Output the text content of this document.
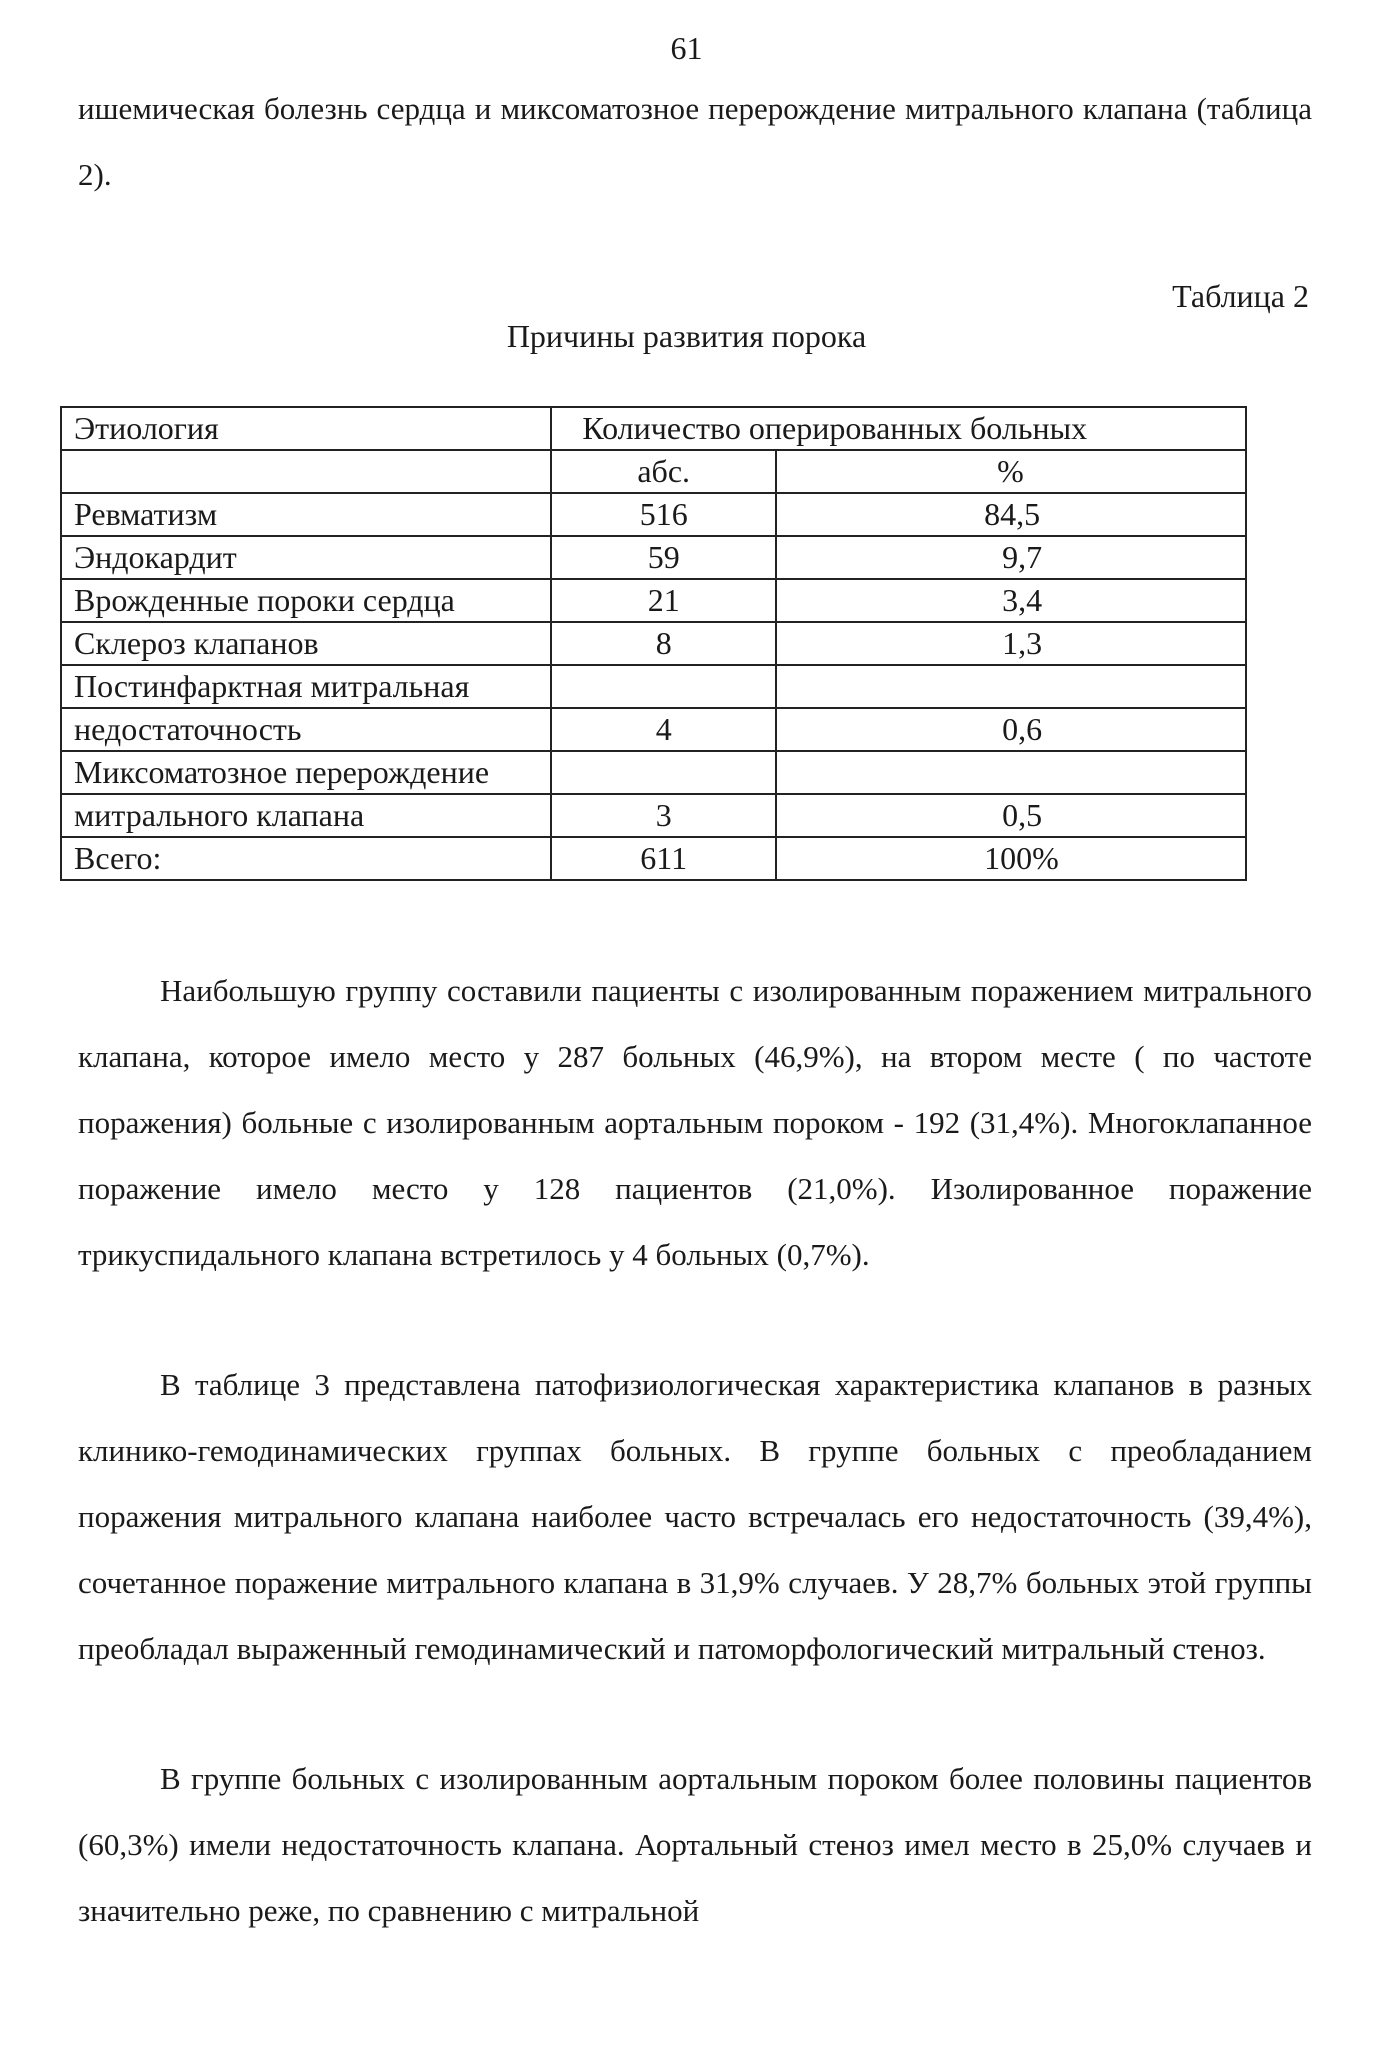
61

ишемическая болезнь сердца и миксоматозное перерождение митрального клапана (таблица 2).

Таблица 2
Причины развития порока
Этиология	Количество оперированных больных	
	абс.	%
Ревматизм	516	84,5
Эндокардит	59	9,7
Врожденные пороки сердца	21	3,4
Склероз клапанов	8	1,3
Постинфарктная митральная		
недостаточность	4	0,6
Миксоматозное перерождение		
митрального клапана	3	0,5
Всего:	611	100%

Наибольшую группу составили пациенты с изолированным поражением митрального клапана, которое имело место у 287 больных (46,9%), на втором месте ( по частоте поражения) больные с изолированным аортальным пороком - 192 (31,4%). Многоклапанное поражение имело место у 128 пациентов (21,0%). Изолированное поражение трикуспидального клапана встретилось у 4 больных (0,7%).

В таблице 3 представлена патофизиологическая характеристика клапанов в разных клинико-гемодинамических группах больных. В группе больных с преобладанием поражения митрального клапана наиболее часто встречалась его недостаточность (39,4%), сочетанное поражение митрального клапана в 31,9% случаев. У 28,7% больных этой группы преобладал выраженный гемодинамический и патоморфологический митральный стеноз.

В группе больных с изолированным аортальным пороком более половины пациентов (60,3%) имели недостаточность клапана. Аортальный стеноз имел место в 25,0% случаев и значительно реже, по сравнению с митральной
